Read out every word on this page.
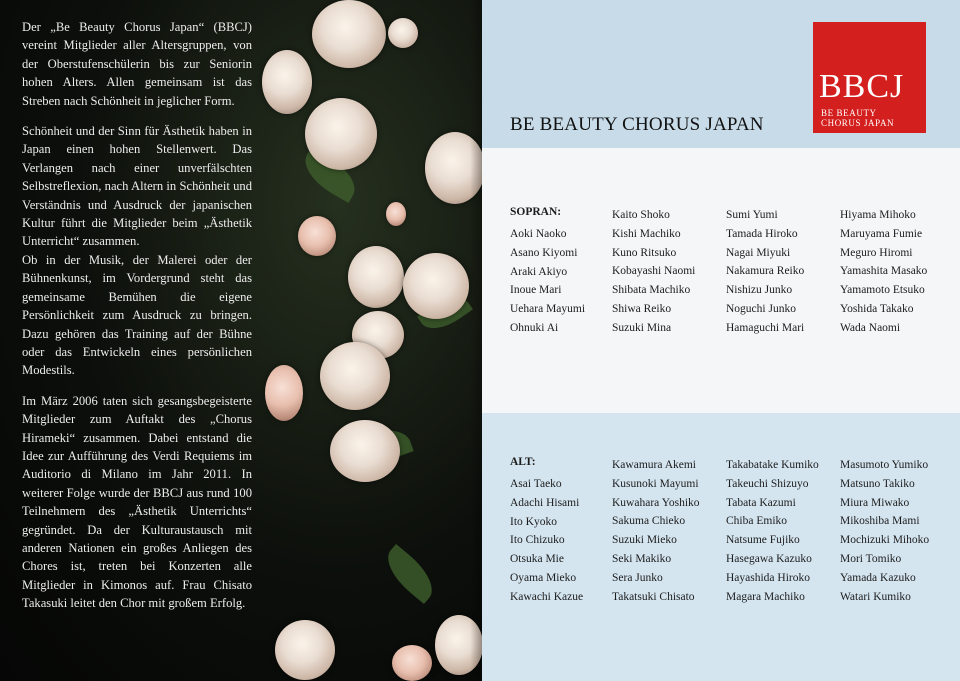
Der „Be Beauty Chorus Japan“ (BBCJ) vereint Mitglieder aller Altersgruppen, von der Oberstufenschülerin bis zur Seniorin hohen Alters. Allen gemeinsam ist das Streben nach Schönheit in jeglicher Form.

Schönheit und der Sinn für Ästhetik haben in Japan einen hohen Stellenwert. Das Verlangen nach einer unverfälschten Selbstreflexion, nach Altern in Schönheit und Verständnis und Ausdruck der japanischen Kultur führt die Mitglieder beim „Ästhetik Unterricht“ zusammen.

Ob in der Musik, der Malerei oder der Bühnenkunst, im Vordergrund steht das gemeinsame Bemühen die eigene Persönlichkeit zum Ausdruck zu bringen. Dazu gehören das Training auf der Bühne oder das Entwickeln eines persönlichen Modestils.

Im März 2006 taten sich gesangsbegeisterte Mitglieder zum Auftakt des „Chorus Hirameki“ zusammen. Dabei entstand die Idee zur Aufführung des Verdi Requiems im Auditorio di Milano im Jahr 2011. In weiterer Folge wurde der BBCJ aus rund 100 Teilnehmern des „Ästhetik Unterrichts“ gegründet. Da der Kulturaustausch mit anderen Nationen ein großes Anliegen des Chores ist, treten bei Konzerten alle Mitglieder in Kimonos auf. Frau Chisato Takasuki leitet den Chor mit großem Erfolg.

BBCJ
BE BEAUTY
CHORUS JAPAN
BE BEAUTY CHORUS JAPAN
SOPRAN:
Aoki Naoko
Asano Kiyomi
Araki Akiyo
Inoue Mari
Uehara Mayumi
Ohnuki Ai
Kaito Shoko
Kishi Machiko
Kuno Ritsuko
Kobayashi Naomi
Shibata Machiko
Shiwa Reiko
Suzuki Mina
Sumi Yumi
Tamada Hiroko
Nagai Miyuki
Nakamura Reiko
Nishizu Junko
Noguchi Junko
Hamaguchi Mari
Hiyama Mihoko
Maruyama Fumie
Meguro Hiromi
Yamashita Masako
Yamamoto Etsuko
Yoshida Takako
Wada Naomi
ALT:
Asai Taeko
Adachi Hisami
Ito Kyoko
Ito Chizuko
Otsuka Mie
Oyama Mieko
Kawachi Kazue
Kawamura Akemi
Kusunoki Mayumi
Kuwahara Yoshiko
Sakuma Chieko
Suzuki Mieko
Seki Makiko
Sera Junko
Takatsuki Chisato
Takabatake Kumiko
Takeuchi Shizuyo
Tabata Kazumi
Chiba Emiko
Natsume Fujiko
Hasegawa Kazuko
Hayashida Hiroko
Magara Machiko
Masumoto Yumiko
Matsuno Takiko
Miura Miwako
Mikoshiba Mami
Mochizuki Mihoko
Mori Tomiko
Yamada Kazuko
Watari Kumiko
